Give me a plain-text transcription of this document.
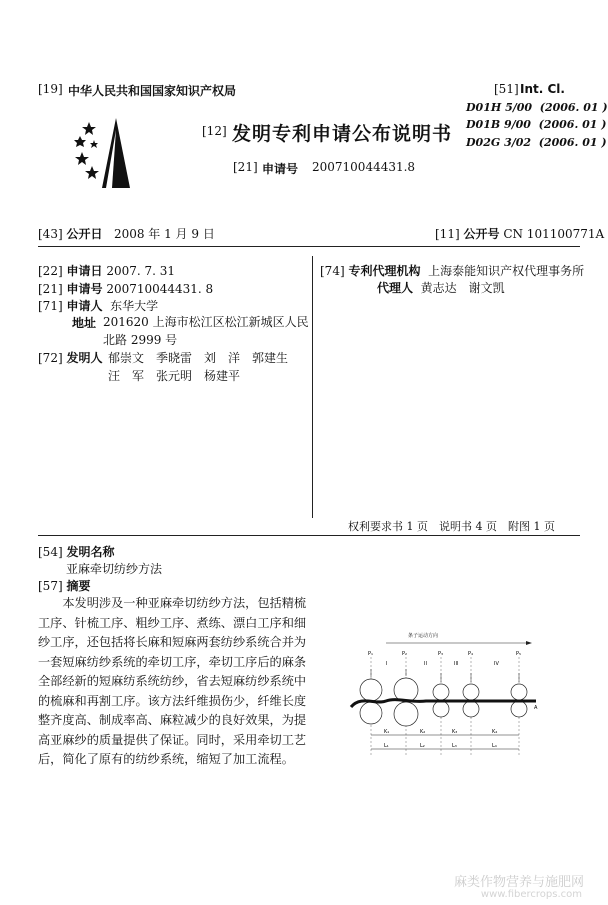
[19] 中华人民共和国国家知识产权局
[12] 发明专利申请公布说明书
[21] 申请号 200710044431.8
[51] Int. Cl.
D01H 5/00 (2006. 01 )
D01B 9/00 (2006. 01 )
D02G 3/02 (2006. 01 )
[43] 公开日 2008 年 1 月 9 日	[11] 公开号 CN 101100771A
[22] 申请日 2007. 7. 31
[21] 申请号 200710044431. 8
[71] 申请人 东华大学
地址 201620 上海市松江区松江新城区人民
北路 2999 号
[72] 发明人 郁崇文　季晓雷　刘　洋　郭建生
汪　军　张元明　杨建平
[74] 专利代理机构 上海泰能知识产权代理事务所
代理人 黄志达　谢文凯
权利要求书 1 页　说明书 4 页　附图 1 页
[54] 发明名称
亚麻牵切纺纱方法
[57] 摘要
　　本发明涉及一种亚麻牵切纺纱方法，包括精梳
工序、针梳工序、粗纱工序、煮练、漂白工序和细
纱工序，还包括将长麻和短麻两套纺纱系统合并为
一套短麻纺纱系统的牵切工序，牵切工序后的麻条
全部经新的短麻纺系统纺纱，省去短麻纺纱系统中
的梳麻和再割工序。该方法纤维损伤少，纤维长度
整齐度高、制成率高、麻粒减少的良好效果，为提
高亚麻纱的质量提供了保证。同时，采用牵切工艺
后，简化了原有的纺纱系统，缩短了加工流程。
条子运动方向
P₁	P₂	P₃	P₄	P₅
I	II	III	IV
A
K₁	K₂	K₃	K₄
L₁	L₂	L₃	L₄
麻类作物营养与施肥网
www.fibercrops.com
